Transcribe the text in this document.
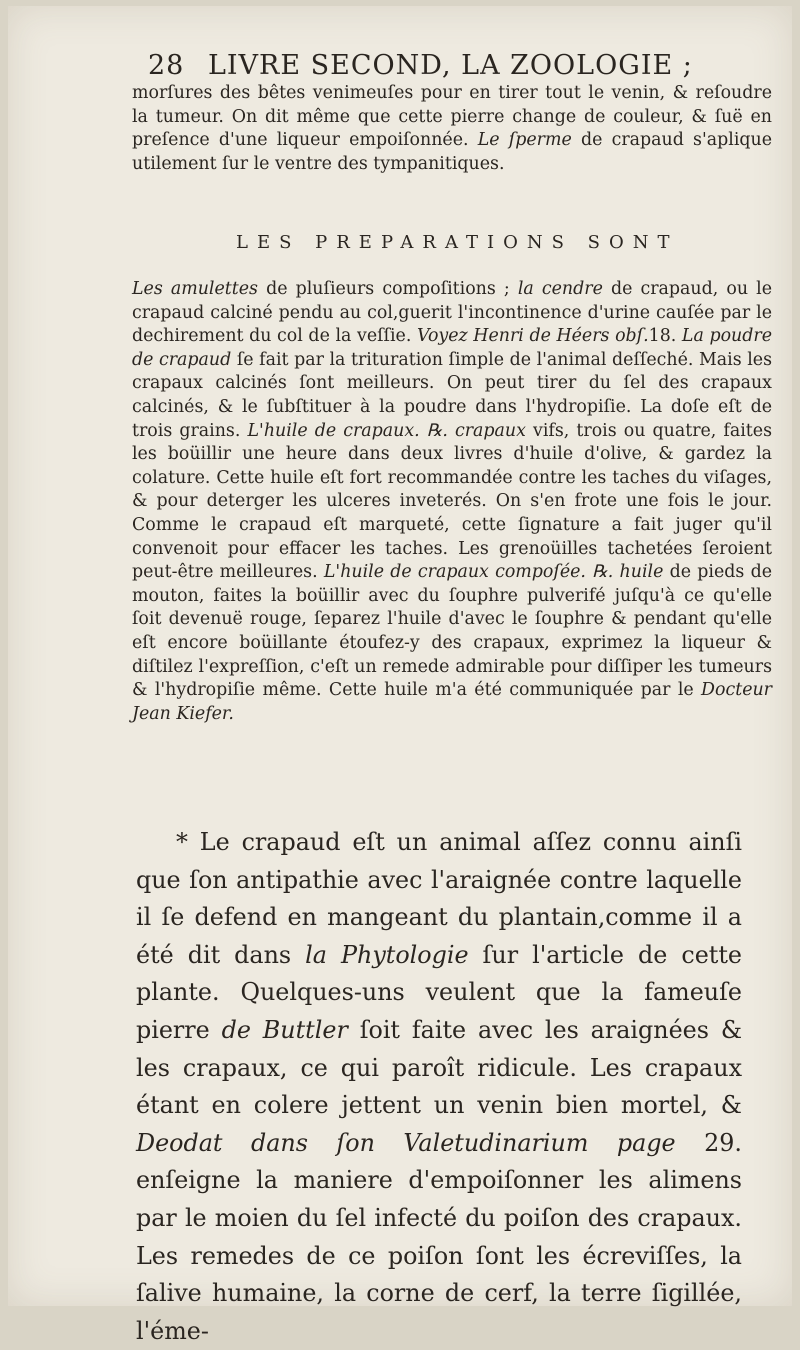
28 LIVRE SECOND, LA ZOOLOGIE ;

morſures des bêtes venimeuſes pour en tirer tout le venin, & reſoudre la tumeur. On dit même que cette pierre change de couleur, & ſuë en preſence d'une liqueur empoiſonnée. Le ſperme de crapaud s'aplique utilement ſur le ventre des tympanitiques.

LES PREPARATIONS SONT

Les amulettes de pluſieurs compoſitions ; la cendre de crapaud, ou le crapaud calciné pendu au col,guerit l'incontinence d'urine cauſée par le dechirement du col de la veſſie. Voyez Henri de Héers obſ.18. La poudre de crapaud ſe fait par la trituration ſimple de l'animal deſſeché. Mais les crapaux calcinés ſont meilleurs. On peut tirer du ſel des crapaux calcinés, & le ſubſtituer à la poudre dans l'hydropiſie. La doſe eſt de trois grains. L'huile de crapaux. ℞. crapaux vifs, trois ou quatre, faites les boüillir une heure dans deux livres d'huile d'olive, & gardez la colature. Cette huile eſt fort recommandée contre les taches du viſages, & pour deterger les ulceres inveterés. On s'en frote une fois le jour. Comme le crapaud eſt marqueté, cette ſignature a fait juger qu'il convenoit pour effacer les taches. Les grenoüilles tachetées ſeroient peut-être meilleures. L'huile de crapaux compoſée. ℞. huile de pieds de mouton, faites la boüillir avec du ſouphre pulverifé juſqu'à ce qu'elle ſoit devenuë rouge, ſeparez l'huile d'avec le ſouphre & pendant qu'elle eſt encore boüillante étoufez-y des crapaux, exprimez la liqueur & diſtilez l'expreſſion, c'eſt un remede admirable pour diſſiper les tumeurs & l'hydropiſie même. Cette huile m'a été communiquée par le Docteur Jean Kiefer.

* Le crapaud eſt un animal aſſez connu ainſi que ſon antipathie avec l'araignée contre laquelle il ſe defend en mangeant du plantain,comme il a été dit dans la Phytologie ſur l'article de cette plante. Quelques-uns veulent que la fameuſe pierre de Buttler ſoit faite avec les araignées & les crapaux, ce qui paroît ridicule. Les crapaux étant en colere jettent un venin bien mortel, & Deodat dans ſon Valetudinarium page 29. enſeigne la maniere d'empoiſonner les alimens par le moien du ſel infecté du poiſon des crapaux. Les remedes de ce poiſon ſont les écreviſſes, la ſalive humaine, la corne de cerf, la terre ſigillée, l'éme-
